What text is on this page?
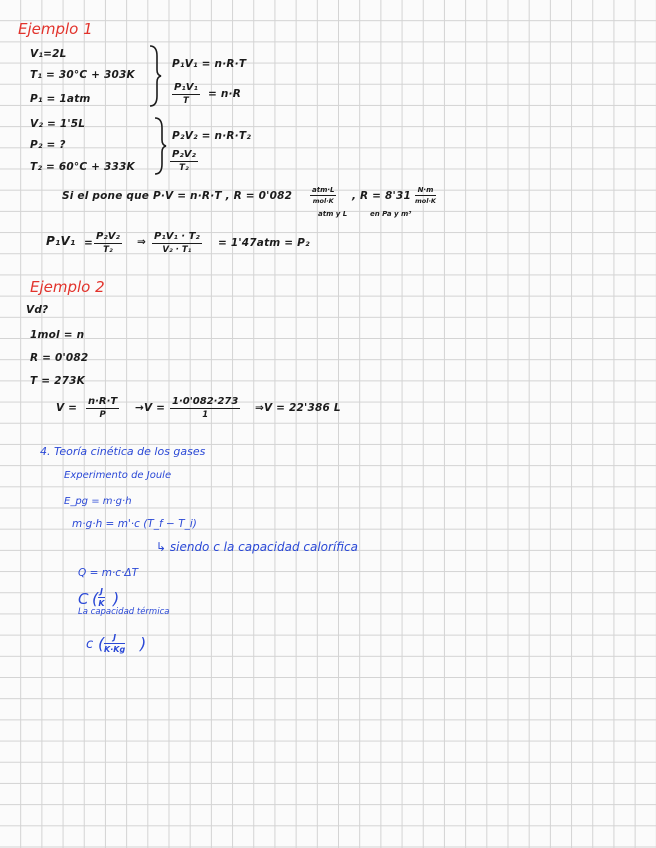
Ejemplo 1
V₁=2L
T₁ = 30°C + 303K
P₁ = 1atm
P₁V₁ = n·R·T
$\frac{\text{P₁V₁}}{T} = n\cdot R$
V₂ = 1'5L
P₂ = ?
T₂ = 60°C + 333K
P₂V₂ = n·R·T₂
$\frac{\text{P₂V₂}}{\text{T₂}}$
Si el pone que P·V = n·R·T , R = 0'082	atm·L
mol·K , R = 8'31 N·m
mol·K
atm y L	en Pa y m³
$P_1V_1 = \frac{\text{P₂V₂}}{\text{T₂}}$ ⇒ $\frac{\text{P₁V₁ · T₂}}{\text{V₂ · T₁}} = 1'47atm = P_2$
Ejemplo 2
Vd?
1mol = n
R = 0'082
T = 273K
$V = \frac{n\cdot R\cdot T}{P} \to V = \frac{1\cdot 0'082\cdot 273}{1}$ ⇒V = 22'386 L
4. Teoría cinética de los gases
Experimento de Joule
E_pg = m·g·h
m·g·h = m'·c (T_f − T_i)
↳ siendo c la capacidad calorífica
Q = m·c·ΔT
C ( $\frac{J}{K}$ )
La capacidad térmica
c ( $\frac{J}{K\cdot Kg}$ )
